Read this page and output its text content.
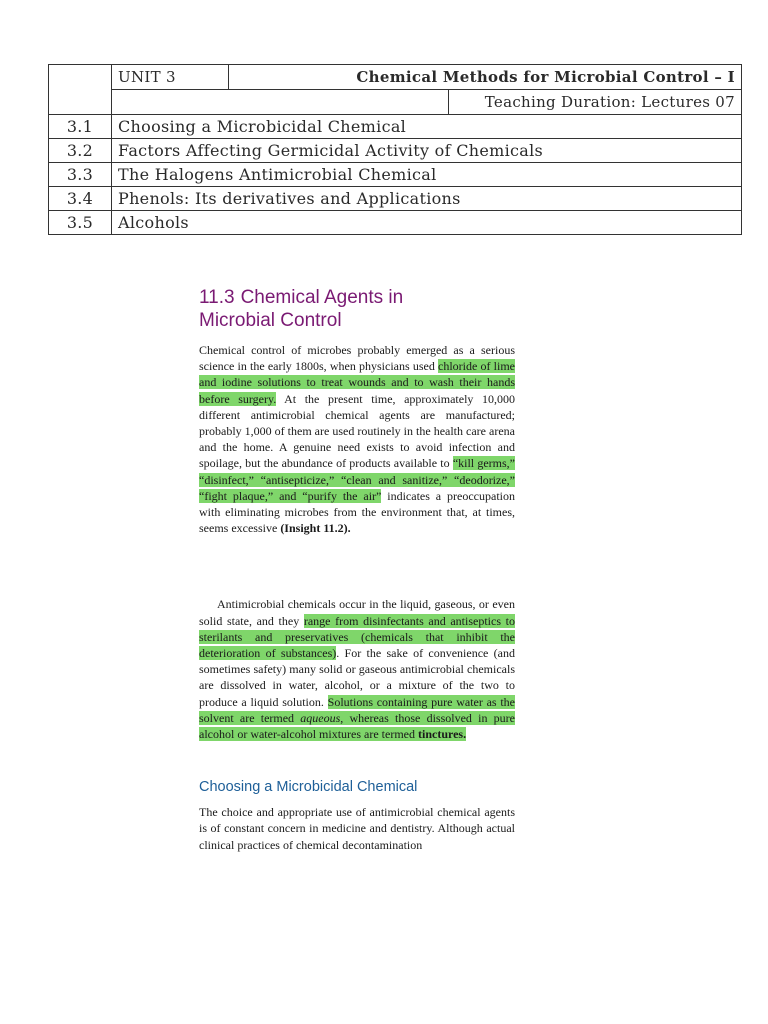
	UNIT 3	Chemical Methods for Microbial Control – I	
			Teaching Duration: Lectures 07
3.1	Choosing a Microbicidal Chemical		
3.2	Factors Affecting Germicidal Activity of Chemicals		
3.3	The Halogens Antimicrobial Chemical		
3.4	Phenols: Its derivatives and Applications		
3.5	Alcohols		
11.3 Chemical Agents in
Microbial Control

Chemical control of microbes probably emerged as a serious science in the early 1800s, when physicians used chloride of lime and iodine solutions to treat wounds and to wash their hands before surgery. At the present time, approximately 10,000 different antimicrobial chemical agents are manufactured; probably 1,000 of them are used routinely in the health care arena and the home. A genuine need exists to avoid infection and spoilage, but the abundance of products available to “kill germs,” “disinfect,” “antisepticize,” “clean and sanitize,” “deodorize,” “fight plaque,” and “purify the air” indicates a preoccupation with eliminating microbes from the environment that, at times, seems excessive (Insight 11.2).

Antimicrobial chemicals occur in the liquid, gaseous, or even solid state, and they range from disinfectants and antiseptics to sterilants and preservatives (chemicals that inhibit the deterioration of substances). For the sake of convenience (and sometimes safety) many solid or gaseous antimicrobial chemicals are dissolved in water, alcohol, or a mixture of the two to produce a liquid solution. Solutions containing pure water as the solvent are termed aqueous, whereas those dissolved in pure alcohol or water-alcohol mixtures are termed tinctures.

Choosing a Microbicidal Chemical

The choice and appropriate use of antimicrobial chemical agents is of constant concern in medicine and dentistry. Although actual clinical practices of chemical decontamination
